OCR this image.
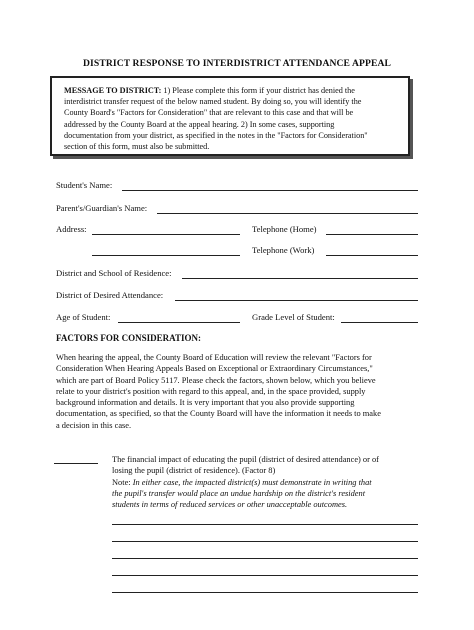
DISTRICT RESPONSE TO INTERDISTRICT ATTENDANCE APPEAL
MESSAGE TO DISTRICT: 1) Please complete this form if your district has denied the
interdistrict transfer request of the below named student. By doing so, you will identify the
County Board's "Factors for Consideration" that are relevant to this case and that will be
addressed by the County Board at the appeal hearing. 2) In some cases, supporting
documentation from your district, as specified in the notes in the "Factors for Consideration"
section of this form, must also be submitted.
Student's Name:
Parent's/Guardian's Name:
Address:	Telephone (Home)
Telephone (Work)
District and School of Residence:
District of Desired Attendance:
Age of Student:	Grade Level of Student:
FACTORS FOR CONSIDERATION:
When hearing the appeal, the County Board of Education will review the relevant "Factors for
Consideration When Hearing Appeals Based on Exceptional or Extraordinary Circumstances,"
which are part of Board Policy 5117. Please check the factors, shown below, which you believe
relate to your district's position with regard to this appeal, and, in the space provided, supply
background information and details. It is very important that you also provide supporting
documentation, as specified, so that the County Board will have the information it needs to make
a decision in this case.
The financial impact of educating the pupil (district of desired attendance) or of
losing the pupil (district of residence). (Factor 8)
Note: In either case, the impacted district(s) must demonstrate in writing that
the pupil's transfer would place an undue hardship on the district's resident
students in terms of reduced services or other unacceptable outcomes.
